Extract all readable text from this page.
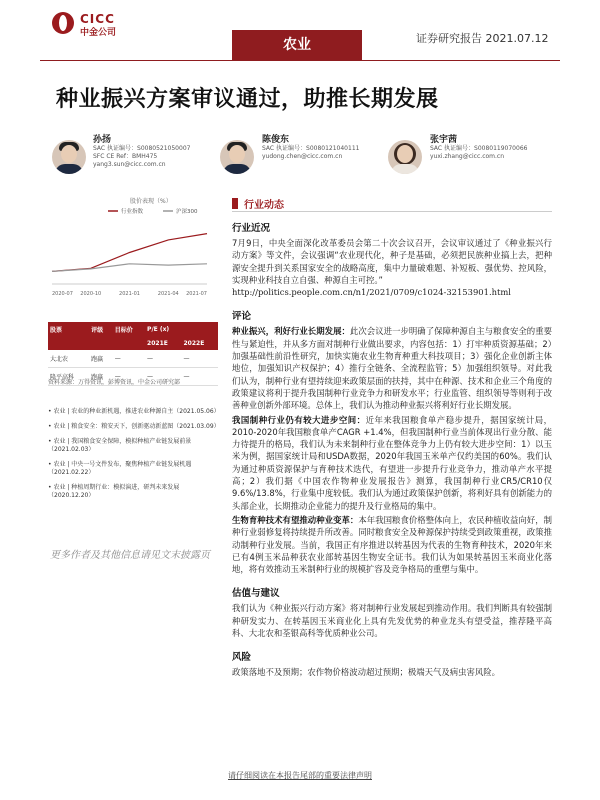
CICC
中金公司
农业	证券研究报告 2021.07.12
种业振兴方案审议通过，助推长期发展
孙扬
SAC 执证编号：S0080521050007
SFC CE Ref：BMH475
yang3.sun@cicc.com.cn
陈俊东
SAC 执证编号：S0080121040111
yudong.chen@cicc.com.cn
张宇茜
SAC 执证编号：S0080119070066
yuxi.zhang@cicc.com.cn
股价表现（%）
行业指数	沪深300
2020-07 2020-10	2021-01	2021-04 2021-07
股票	评级	目标价	P/E (x)	
			2021E	2022E
大北农	跑赢	—	—	—
隆平高科	跑赢	—	—	—
资料来源：万得资讯，彭博资讯，中金公司研究部
• 农业 | 农业的种业新机遇，推进农业种源自主（2021.05.06）
• 农业 | 粮食安全：粮安天下，创新驱动新蓝图（2021.03.09）
• 农业 | 我国粮食安全保障，模拟种植产业链发展前景（2021.02.03）
• 农业 | 中央一号文件发布，聚焦种植产业链发展机遇（2021.02.22）
• 农业 | 种植周期行业：模拟演进，研判未来发展（2020.12.20）
更多作者及其他信息请见文末披露页
行业动态
行业近况
7月9日，中央全面深化改革委员会第二十次会议召开，会议审议通过了《种业振兴行动方案》等文件，会议强调“农业现代化，种子是基础，必须把民族种业搞上去，把种源安全提升到关系国家安全的战略高度，集中力量破难题、补短板、强优势、控风险，实现种业科技自立自强、种源自主可控。”
http://politics.people.com.cn/n1/2021/0709/c1024-32153901.html
评论
种业振兴，利好行业长期发展：此次会议进一步明确了保障种源自主与粮食安全的重要性与紧迫性，并从多方面对制种行业做出要求，内容包括：1）打牢种质资源基础；2）加强基础性前沿性研究，加快实施农业生物育种重大科技项目；3）强化企业创新主体地位，加强知识产权保护；4）推行全链条、全流程监管；5）加强组织领导。对此我们认为，制种行业有望持续迎来政策层面的扶持，其中在种源、技术和企业三个角度的政策建议将利于提升我国制种行业竞争力和研发水平；行业监管、组织领导等则利于改善种业创新外部环境。总体上，我们认为推动种业振兴将利好行业长期发展。
我国制种行业仍有较大进步空间：近年来我国粮食单产稳步提升，据国家统计局，2010-2020年我国粮食单产CAGR +1.4%，但我国制种行业当前体现出行业分散、能力待提升的格局，我们认为未来制种行业在整体竞争力上仍有较大进步空间：1）以玉米为例，据国家统计局和USDA数据，2020年我国玉米单产仅约美国的60%。我们认为通过种质资源保护与育种技术迭代，有望进一步提升行业竞争力，推动单产水平提高；2）我们据《中国农作物种业发展报告》测算，我国制种行业CR5/CR10仅9.6%/13.8%，行业集中度较低。我们认为通过政策保护创新，将利好具有创新能力的头部企业，长期推动企业能力的提升及行业格局的集中。
生物育种技术有望推动种业变革：本年我国粮食价格整体向上，农民种植收益向好，制种行业弱修复将持续提升所改善。同时粮食安全及种源保护持续受到政策重视，政策推动制种行业发展。当前，我国正有序推进以转基因为代表的生物育种技术，2020年来已有4例玉米品种获农业部转基因生物安全证书。我们认为如果转基因玉米商业化落地，将有效推动玉米制种行业的规模扩容及竞争格局的重塑与集中。
估值与建议
我们认为《种业振兴行动方案》将对制种行业发展起到推动作用。我们判断具有较强制种研发实力、在转基因玉米商业化上具有先发优势的种业龙头有望受益，推荐隆平高科、大北农和荃银高科等优质种业公司。
风险
政策落地不及预期；农作物价格波动超过预期；极端天气及病虫害风险。
请仔细阅读在本报告尾部的重要法律声明
